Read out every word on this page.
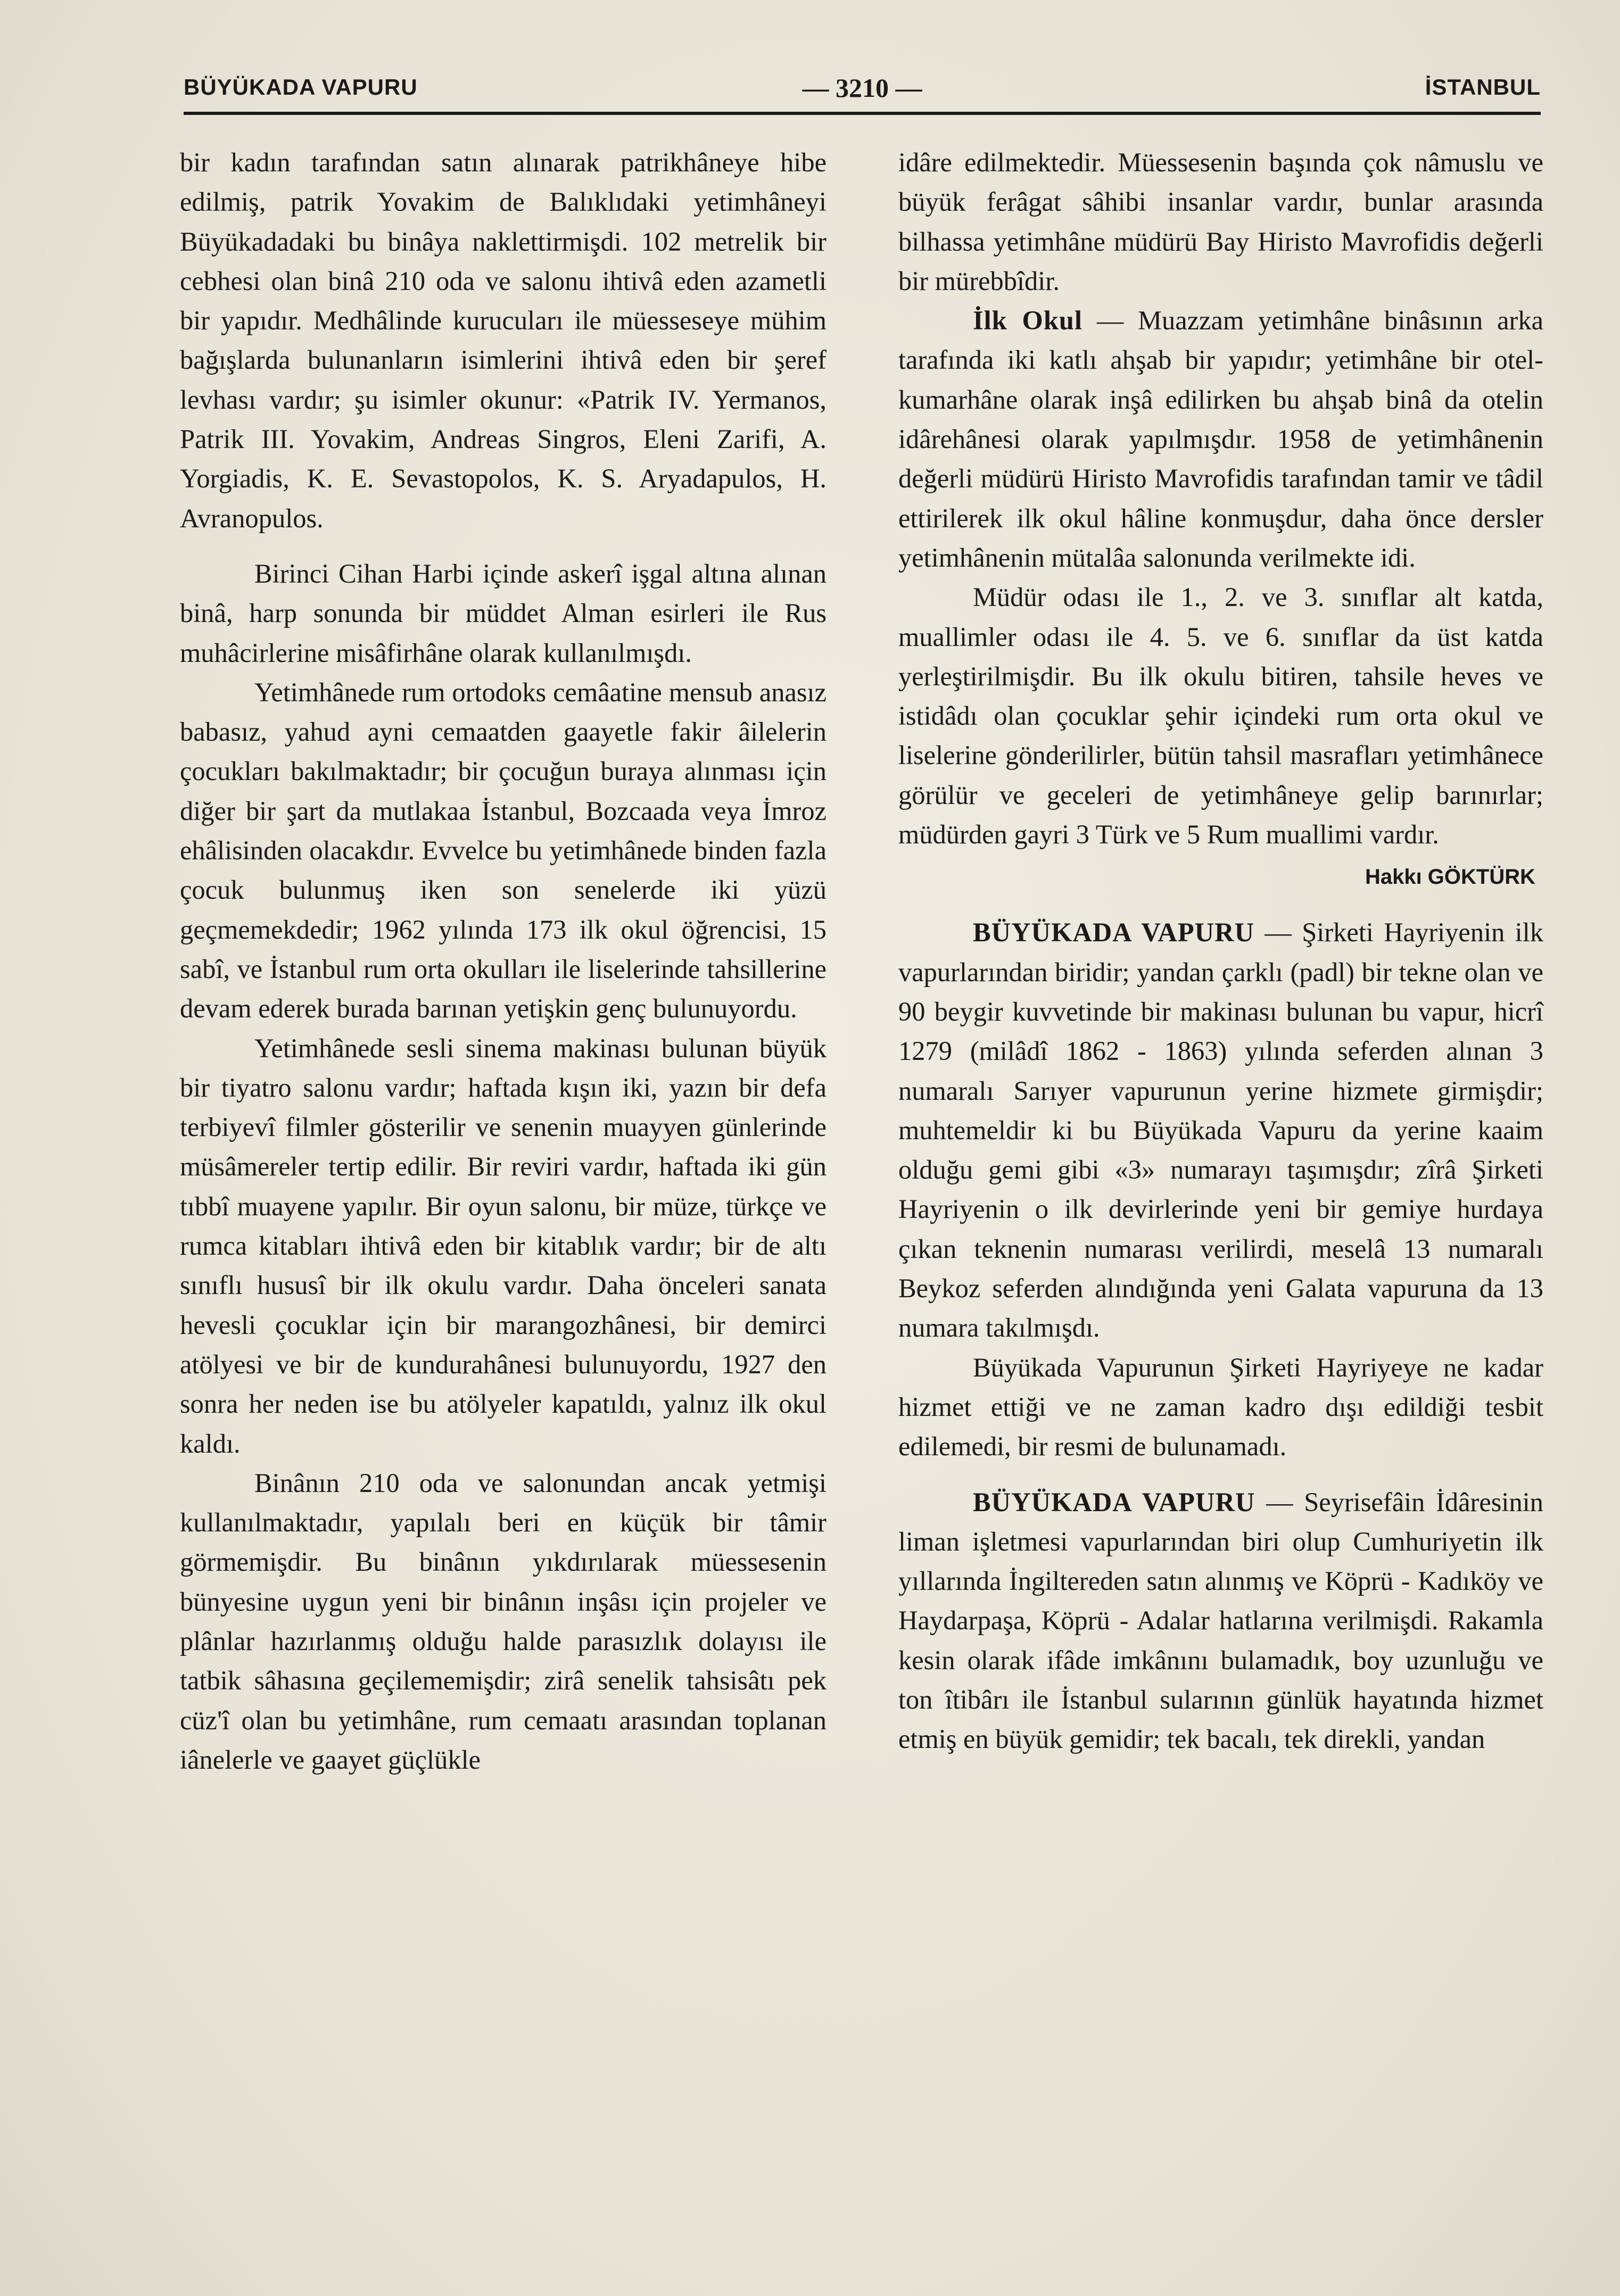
BÜYÜKADA VAPURU	— 3210 —	İSTANBUL

bir kadın tarafından satın alınarak patrikhâneye hibe edilmiş, patrik Yovakim de Balıklıdaki yetimhâneyi Büyükadadaki bu binâya naklettirmişdi. 102 metrelik bir cebhesi olan binâ 210 oda ve salonu ihtivâ eden azametli bir yapıdır. Medhâlinde kurucuları ile müesseseye mühim bağışlarda bulunanların isimlerini ihtivâ eden bir şeref levhası vardır; şu isimler okunur: «Patrik IV. Yermanos, Patrik III. Yovakim, Andreas Singros, Eleni Zarifi, A. Yorgiadis, K. E. Sevastopolos, K. S. Aryadapulos, H. Avranopulos.

Birinci Cihan Harbi içinde askerî işgal altına alınan binâ, harp sonunda bir müddet Alman esirleri ile Rus muhâcirlerine misâfirhâne olarak kullanılmışdı.

Yetimhânede rum ortodoks cemâatine mensub anasız babasız, yahud ayni cemaatden gaayetle fakir âilelerin çocukları bakılmaktadır; bir çocuğun buraya alınması için diğer bir şart da mutlakaa İstanbul, Bozcaada veya İmroz ehâlisinden olacakdır. Evvelce bu yetimhânede binden fazla çocuk bulunmuş iken son senelerde iki yüzü geçmemekdedir; 1962 yılında 173 ilk okul öğrencisi, 15 sabî, ve İstanbul rum orta okulları ile liselerinde tahsillerine devam ederek burada barınan yetişkin genç bulunuyordu.

Yetimhânede sesli sinema makinası bulunan büyük bir tiyatro salonu vardır; haftada kışın iki, yazın bir defa terbiyevî filmler gösterilir ve senenin muayyen günlerinde müsâmereler tertip edilir. Bir reviri vardır, haftada iki gün tıbbî muayene yapılır. Bir oyun salonu, bir müze, türkçe ve rumca kitabları ihtivâ eden bir kitablık vardır; bir de altı sınıflı hususî bir ilk okulu vardır. Daha önceleri sanata hevesli çocuklar için bir marangozhânesi, bir demirci atölyesi ve bir de kundurahânesi bulunuyordu, 1927 den sonra her neden ise bu atölyeler kapatıldı, yalnız ilk okul kaldı.

Binânın 210 oda ve salonundan ancak yetmişi kullanılmaktadır, yapılalı beri en küçük bir tâmir görmemişdir. Bu binânın yıkdırılarak müessesenin bünyesine uygun yeni bir binânın inşâsı için projeler ve plânlar hazırlanmış olduğu halde parasızlık dolayısı ile tatbik sâhasına geçilememişdir; zirâ senelik tahsisâtı pek cüz'î olan bu yetimhâne, rum cemaatı arasından toplanan iânelerle ve gaayet güçlükle

idâre edilmektedir. Müessesenin başında çok nâmuslu ve büyük ferâgat sâhibi insanlar vardır, bunlar arasında bilhassa yetimhâne müdürü Bay Hiristo Mavrofidis değerli bir mürebbîdir.

İlk Okul — Muazzam yetimhâne binâsının arka tarafında iki katlı ahşab bir yapıdır; yetimhâne bir otel-kumarhâne olarak inşâ edilirken bu ahşab binâ da otelin idârehânesi olarak yapılmışdır. 1958 de yetimhânenin değerli müdürü Hiristo Mavrofidis tarafından tamir ve tâdil ettirilerek ilk okul hâline konmuşdur, daha önce dersler yetimhânenin mütalâa salonunda verilmekte idi.

Müdür odası ile 1., 2. ve 3. sınıflar alt katda, muallimler odası ile 4. 5. ve 6. sınıflar da üst katda yerleştirilmişdir. Bu ilk okulu bitiren, tahsile heves ve istidâdı olan çocuklar şehir içindeki rum orta okul ve liselerine gönderilirler, bütün tahsil masrafları yetimhânece görülür ve geceleri de yetimhâneye gelip barınırlar; müdürden gayri 3 Türk ve 5 Rum muallimi vardır.

Hakkı GÖKTÜRK

BÜYÜKADA VAPURU — Şirketi Hayriyenin ilk vapurlarından biridir; yandan çarklı (padl) bir tekne olan ve 90 beygir kuvvetinde bir makinası bulunan bu vapur, hicrî 1279 (milâdî 1862 - 1863) yılında seferden alınan 3 numaralı Sarıyer vapurunun yerine hizmete girmişdir; muhtemeldir ki bu Büyükada Vapuru da yerine kaaim olduğu gemi gibi «3» numarayı taşımışdır; zîrâ Şirketi Hayriyenin o ilk devirlerinde yeni bir gemiye hurdaya çıkan teknenin numarası verilirdi, meselâ 13 numaralı Beykoz seferden alındığında yeni Galata vapuruna da 13 numara takılmışdı.

Büyükada Vapurunun Şirketi Hayriyeye ne kadar hizmet ettiği ve ne zaman kadro dışı edildiği tesbit edilemedi, bir resmi de bulunamadı.

BÜYÜKADA VAPURU — Seyrisefâin İdâresinin liman işletmesi vapurlarından biri olup Cumhuriyetin ilk yıllarında İngiltereden satın alınmış ve Köprü - Kadıköy ve Haydarpaşa, Köprü - Adalar hatlarına verilmişdi. Rakamla kesin olarak ifâde imkânını bulamadık, boy uzunluğu ve ton îtibârı ile İstanbul sularının günlük hayatında hizmet etmiş en büyük gemidir; tek bacalı, tek direkli, yandan
